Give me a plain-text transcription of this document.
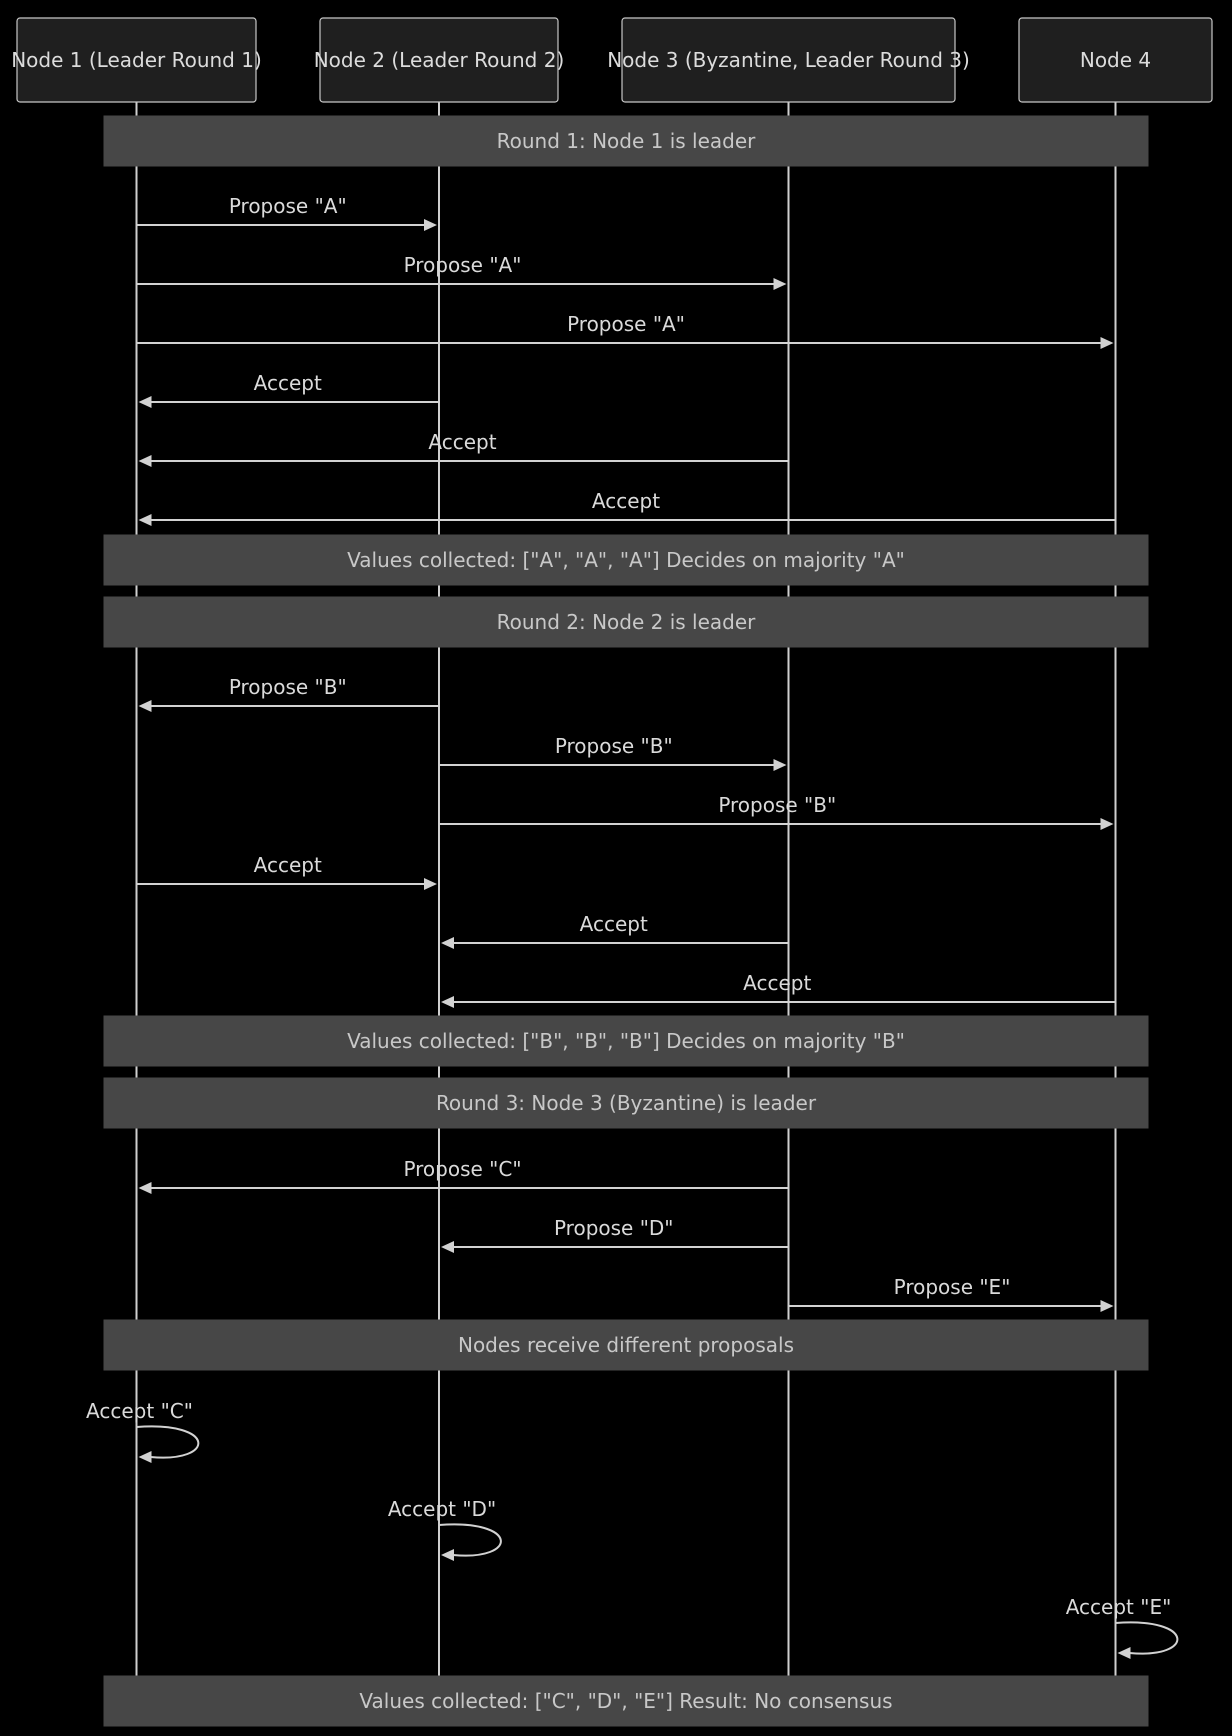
Round 1: Node 1 is leader
Values collected: ["A", "A", "A"] Decides on majority "A"
Round 2: Node 2 is leader
Values collected: ["B", "B", "B"] Decides on majority "B"
Round 3: Node 3 (Byzantine) is leader
Nodes receive different proposals
Values collected: ["C", "D", "E"] Result: No consensus
Propose "A"
Propose "A"
Propose "A"
Accept
Accept
Accept
Propose "B"
Propose "B"
Propose "B"
Accept
Accept
Accept
Propose "C"
Propose "D"
Propose "E"
Accept "C"
Accept "D"
Accept "E"
Node 1 (Leader Round 1)	Node 2 (Leader Round 2) Node 3 (Byzantine, Leader Round 3)	Node 4
